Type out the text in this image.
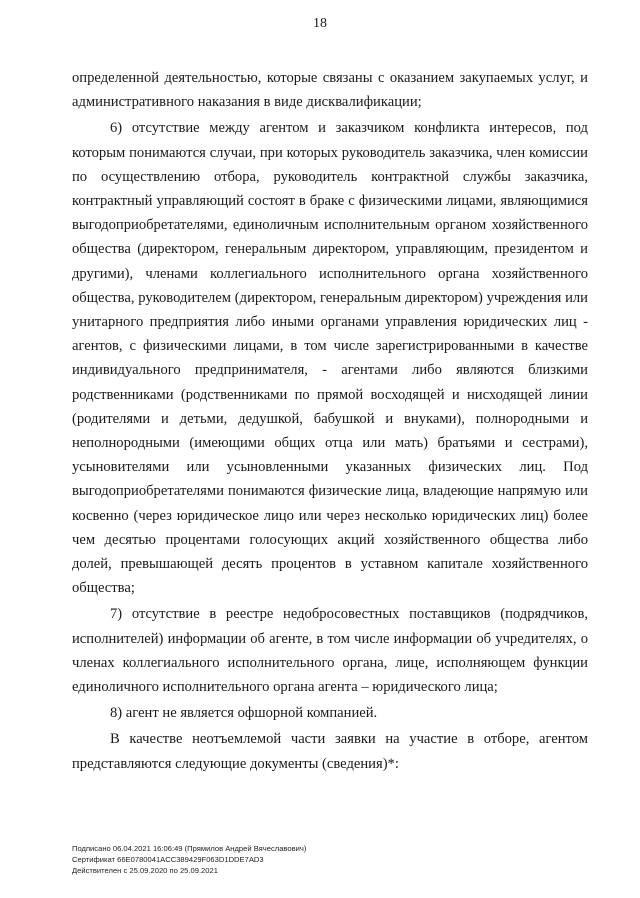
18

определенной деятельностью, которые связаны с оказанием закупаемых услуг, и административного наказания в виде дисквалификации;

6) отсутствие между агентом и заказчиком конфликта интересов, под которым понимаются случаи, при которых руководитель заказчика, член комиссии по осуществлению отбора, руководитель контрактной службы заказчика, контрактный управляющий состоят в браке с физическими лицами, являющимися выгодоприобретателями, единоличным исполнительным органом хозяйственного общества (директором, генеральным директором, управляющим, президентом и другими), членами коллегиального исполнительного органа хозяйственного общества, руководителем (директором, генеральным директором) учреждения или унитарного предприятия либо иными органами управления юридических лиц - агентов, с физическими лицами, в том числе зарегистрированными в качестве индивидуального предпринимателя, - агентами либо являются близкими родственниками (родственниками по прямой восходящей и нисходящей линии (родителями и детьми, дедушкой, бабушкой и внуками), полнородными и неполнородными (имеющими общих отца или мать) братьями и сестрами), усыновителями или усыновленными указанных физических лиц. Под выгодоприобретателями понимаются физические лица, владеющие напрямую или косвенно (через юридическое лицо или через несколько юридических лиц) более чем десятью процентами голосующих акций хозяйственного общества либо долей, превышающей десять процентов в уставном капитале хозяйственного общества;

7) отсутствие в реестре недобросовестных поставщиков (подрядчиков, исполнителей) информации об агенте, в том числе информации об учредителях, о членах коллегиального исполнительного органа, лице, исполняющем функции единоличного исполнительного органа агента – юридического лица;

8) агент не является офшорной компанией.

В качестве неотъемлемой части заявки на участие в отборе, агентом представляются следующие документы (сведения)*:

Подписано 06.04.2021 16:06:49 (Прямилов Андрей Вячеславович)
Сертификат 66E0780041ACC389429F063D1DDE7AD3
Действителен с 25.09.2020 по 25.09.2021
